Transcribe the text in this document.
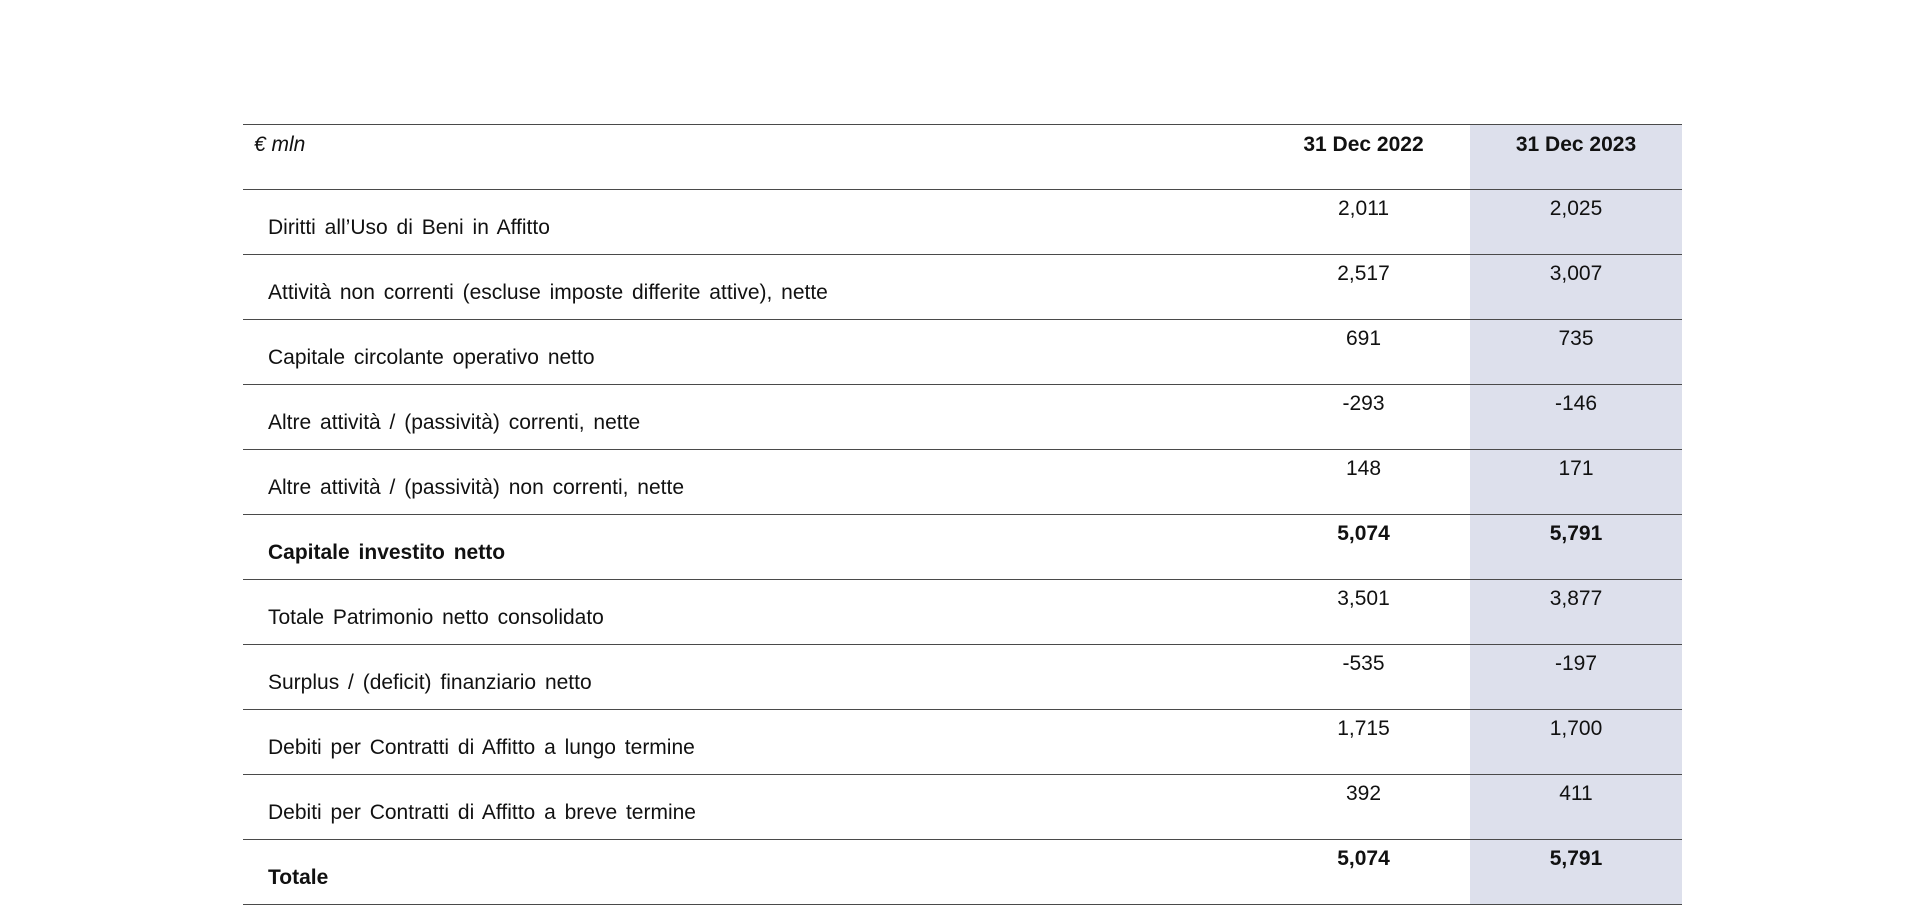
€ mln	31 Dec 2022	31 Dec 2023
Diritti all’Uso di Beni in Affitto	2,011	2,025
Attività non correnti (escluse imposte differite attive), nette	2,517	3,007
Capitale circolante operativo netto	691	735
Altre attività / (passività) correnti, nette	-293	-146
Altre attività / (passività) non correnti, nette	148	171
Capitale investito netto	5,074	5,791
Totale Patrimonio netto consolidato	3,501	3,877
Surplus / (deficit) finanziario netto	-535	-197
Debiti per Contratti di Affitto a lungo termine	1,715	1,700
Debiti per Contratti di Affitto a breve termine	392	411
Totale	5,074	5,791
